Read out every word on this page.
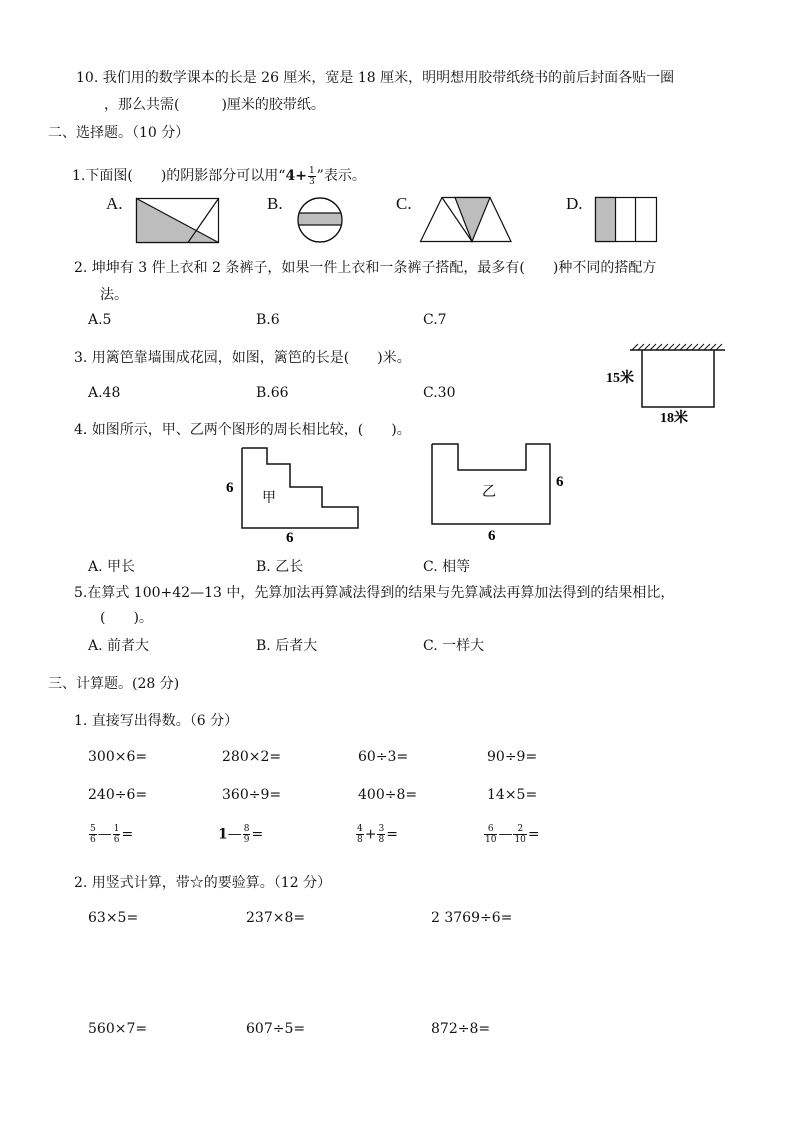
10. 我们用的数学课本的长是 26 厘米，宽是 18 厘米，明明想用胶带纸绕书的前后封面各贴一圈
，那么共需(　　　)厘米的胶带纸。
二、选择题。（10 分）
1.下面图(　　)的阴影部分可以用“$4+ \frac{1}{3}$ ”表示。
A.	B.	C.	D.
2. 坤坤有 3 件上衣和 2 条裤子，如果一件上衣和一条裤子搭配，最多有(　　)种不同的搭配方
法。
A.5	B.6	C.7
3. 用篱笆靠墙围成花园，如图，篱笆的长是(　　)米。
A.48	B.66	C.30
15米
18米
4. 如图所示，甲、乙两个图形的周长相比较，(　　)。
6
甲
6
乙
6
6
A. 甲长	B. 乙长	C. 相等
5.在算式 100+42—13 中，先算加法再算减法得到的结果与先算减法再算加法得到的结果相比，
(　　)。
A. 前者大	B. 后者大	C. 一样大
三、计算题。(28 分)
1. 直接写出得数。（6 分）
300×6=	280×2=	60÷3=	90÷9=
240÷6=	360÷9=	400÷8=	14×5=
$\frac{5}{6}$ — $\frac{1}{6}$ =	1— $\frac{8}{9}$ =	$\frac{4}{8} + \frac{3}{8}$ =	$\frac{6}{10}$ — $\frac{2}{10}$ =
2. 用竖式计算，带☆的要验算。（12 分）
63×5=	237×8=	2 3769÷6=
560×7=	607÷5=	872÷8=
